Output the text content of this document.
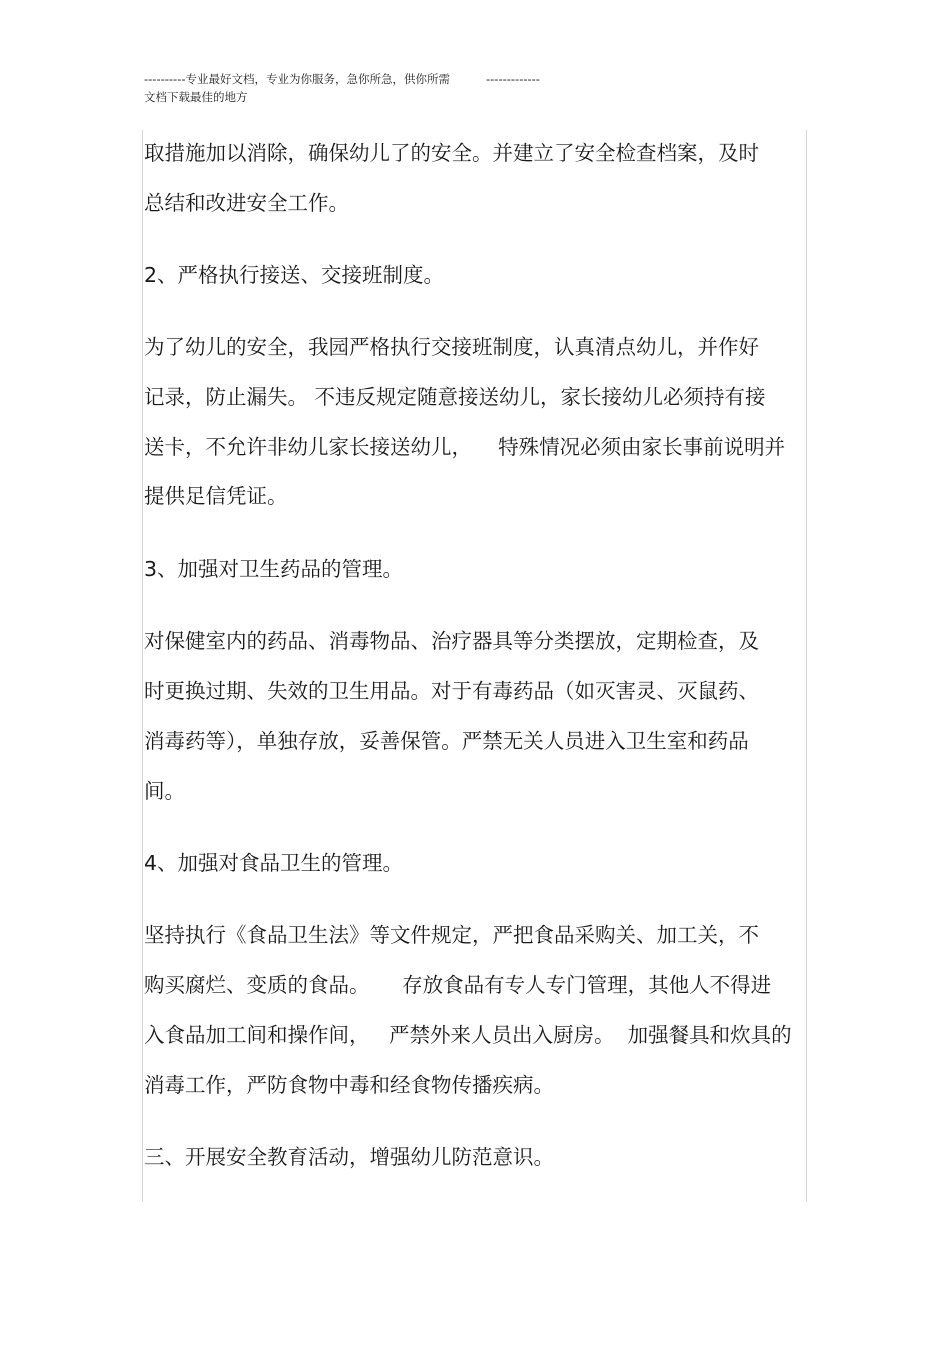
----------专业最好文档，专业为你服务，急你所急，供你所需	-------------
文档下载最佳的地方
取措施加以消除，确保幼儿了的安全。并建立了安全检查档案，及时
总结和改进安全工作。
2、严格执行接送、交接班制度。
为了幼儿的安全，我园严格执行交接班制度，认真清点幼儿，并作好
记录，防止漏失。 不违反规定随意接送幼儿，家长接幼儿必须持有接
送卡，不允许非幼儿家长接送幼儿，    特殊情况必须由家长事前说明并
提供足信凭证。
3、加强对卫生药品的管理。
对保健室内的药品、消毒物品、治疗器具等分类摆放，定期检查，及
时更换过期、失效的卫生用品。对于有毒药品（如灭害灵、灭鼠药、
消毒药等），单独存放，妥善保管。严禁无关人员进入卫生室和药品
间。
4、加强对食品卫生的管理。
坚持执行《食品卫生法》等文件规定，严把食品采购关、加工关，不
购买腐烂、变质的食品。     存放食品有专人专门管理，其他人不得进
入食品加工间和操作间，   严禁外来人员出入厨房。  加强餐具和炊具的
消毒工作，严防食物中毒和经食物传播疾病。
三、开展安全教育活动，增强幼儿防范意识。
